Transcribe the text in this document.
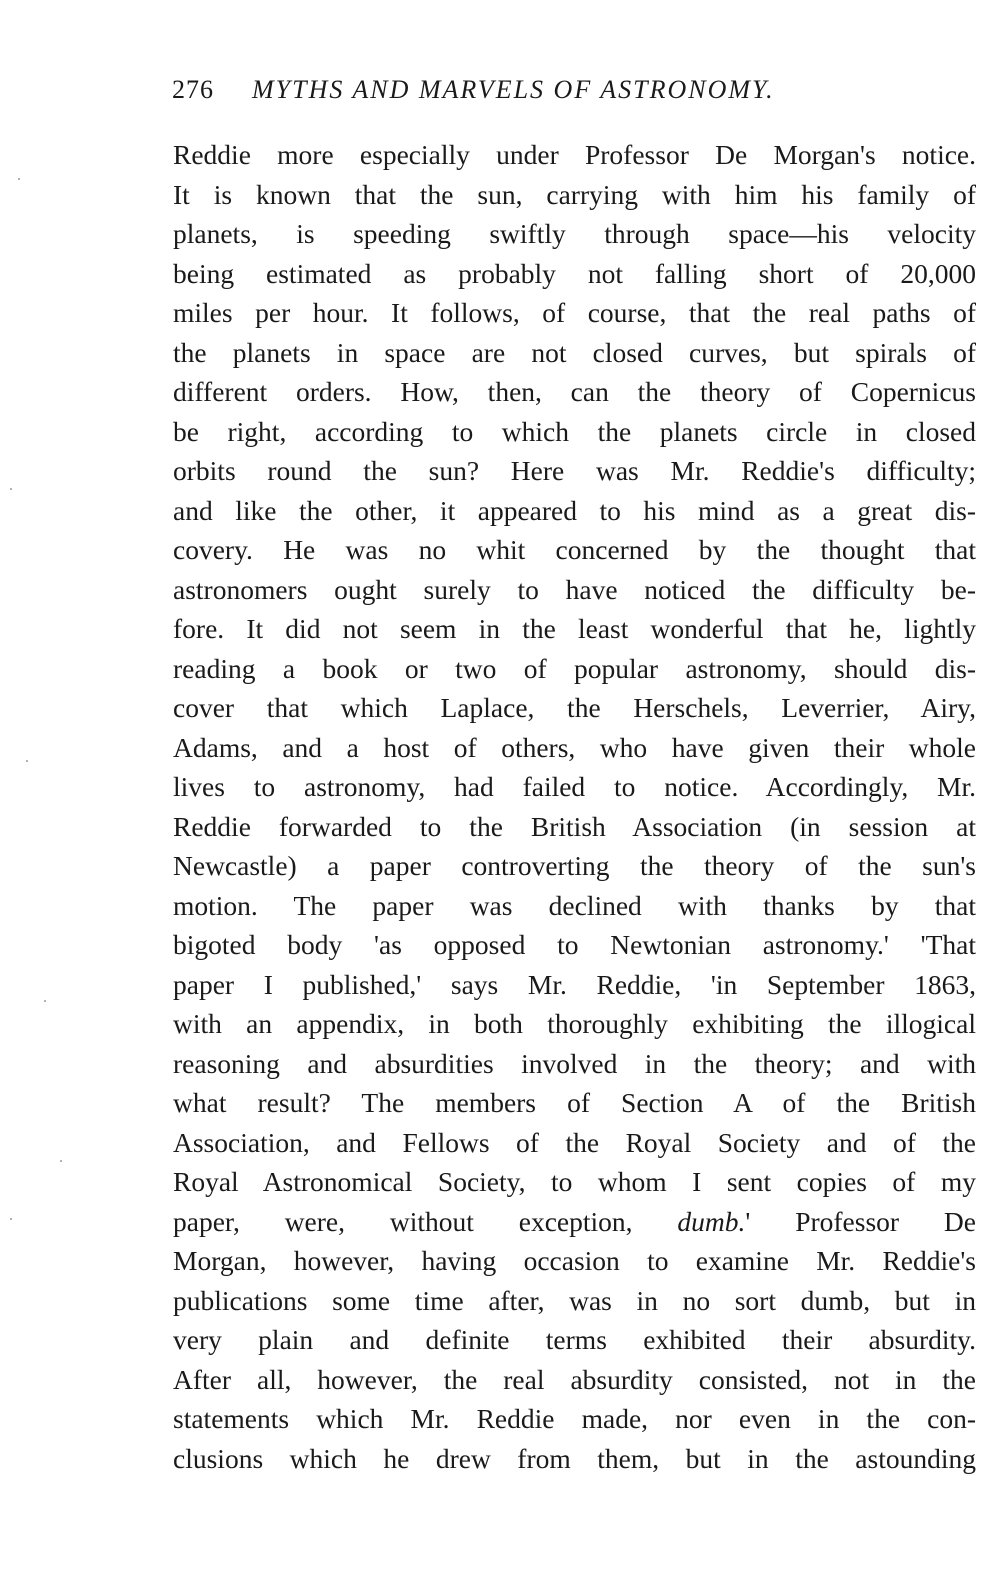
276 MYTHS AND MARVELS OF ASTRONOMY.
Reddie more especially under Professor De Morgan's notice.
It is known that the sun, carrying with him his family of
planets, is speeding swiftly through space—his velocity
being estimated as probably not falling short of 20,000
miles per hour. It follows, of course, that the real paths of
the planets in space are not closed curves, but spirals of
different orders. How, then, can the theory of Copernicus
be right, according to which the planets circle in closed
orbits round the sun? Here was Mr. Reddie's difficulty;
and like the other, it appeared to his mind as a great dis-
covery. He was no whit concerned by the thought that
astronomers ought surely to have noticed the difficulty be-
fore. It did not seem in the least wonderful that he, lightly
reading a book or two of popular astronomy, should dis-
cover that which Laplace, the Herschels, Leverrier, Airy,
Adams, and a host of others, who have given their whole
lives to astronomy, had failed to notice. Accordingly, Mr.
Reddie forwarded to the British Association (in session at
Newcastle) a paper controverting the theory of the sun's
motion. The paper was declined with thanks by that
bigoted body 'as opposed to Newtonian astronomy.' 'That
paper I published,' says Mr. Reddie, 'in September 1863,
with an appendix, in both thoroughly exhibiting the illogical
reasoning and absurdities involved in the theory; and with
what result? The members of Section A of the British
Association, and Fellows of the Royal Society and of the
Royal Astronomical Society, to whom I sent copies of my
paper, were, without exception, dumb.' Professor De
Morgan, however, having occasion to examine Mr. Reddie's
publications some time after, was in no sort dumb, but in
very plain and definite terms exhibited their absurdity.
After all, however, the real absurdity consisted, not in the
statements which Mr. Reddie made, nor even in the con-
clusions which he drew from them, but in the astounding
